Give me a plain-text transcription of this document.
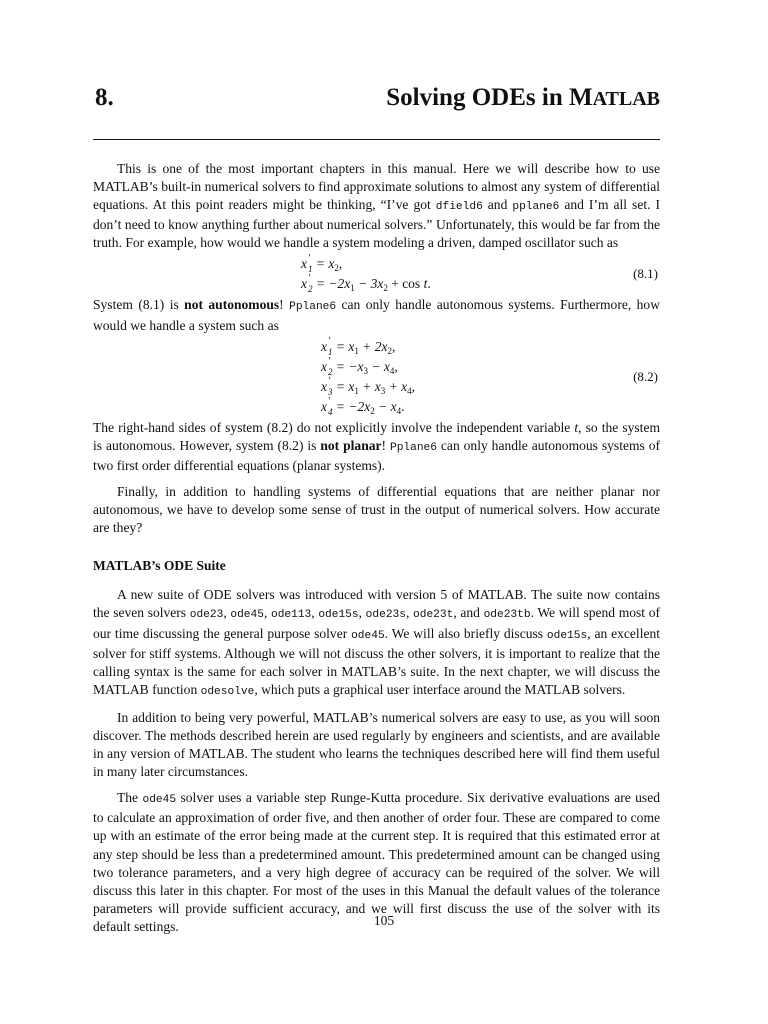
8.	Solving ODEs in MATLAB

This is one of the most important chapters in this manual. Here we will describe how to use MATLAB’s built-in numerical solvers to find approximate solutions to almost any system of differential equations. At this point readers might be thinking, “I’ve got dfield6 and pplane6 and I’m all set. I don’t need to know anything further about numerical solvers.” Unfortunately, this would be far from the truth. For example, how would we handle a system modeling a driven, damped oscillator such as

x ′
$1 = x_2$,
x ′
$2 = -2x_1 - 3x_2 + \cos t$.
(8.1)

System (8.1) is not autonomous! Pplane6 can only handle autonomous systems. Furthermore, how would we handle a system such as

x ′
$1 = x_1 + 2x_2$,
x ′
$2 = -x_3 - x_4$,
x ′
$3 = x_1 + x_3 + x_4$,
x ′
$4 = -2x_2 - x_4$.
(8.2)

The right-hand sides of system (8.2) do not explicitly involve the independent variable t, so the system is autonomous. However, system (8.2) is not planar! Pplane6 can only handle autonomous systems of two first order differential equations (planar systems).

Finally, in addition to handling systems of differential equations that are neither planar nor autonomous, we have to develop some sense of trust in the output of numerical solvers. How accurate are they?

MATLAB’s ODE Suite

A new suite of ODE solvers was introduced with version 5 of MATLAB. The suite now contains the seven solvers ode23, ode45, ode113, ode15s, ode23s, ode23t, and ode23tb. We will spend most of our time discussing the general purpose solver ode45. We will also briefly discuss ode15s, an excellent solver for stiff systems. Although we will not discuss the other solvers, it is important to realize that the calling syntax is the same for each solver in MATLAB’s suite. In the next chapter, we will discuss the MATLAB function odesolve, which puts a graphical user interface around the MATLAB solvers.

In addition to being very powerful, MATLAB’s numerical solvers are easy to use, as you will soon discover. The methods described herein are used regularly by engineers and scientists, and are available in any version of MATLAB. The student who learns the techniques described here will find them useful in many later circumstances.

The ode45 solver uses a variable step Runge-Kutta procedure. Six derivative evaluations are used to calculate an approximation of order five, and then another of order four. These are compared to come up with an estimate of the error being made at the current step. It is required that this estimated error at any step should be less than a predetermined amount. This predetermined amount can be changed using two tolerance parameters, and a very high degree of accuracy can be required of the solver. We will discuss this later in this chapter. For most of the uses in this Manual the default values of the tolerance parameters will provide sufficient accuracy, and we will first discuss the use of the solver with its default settings.	105
